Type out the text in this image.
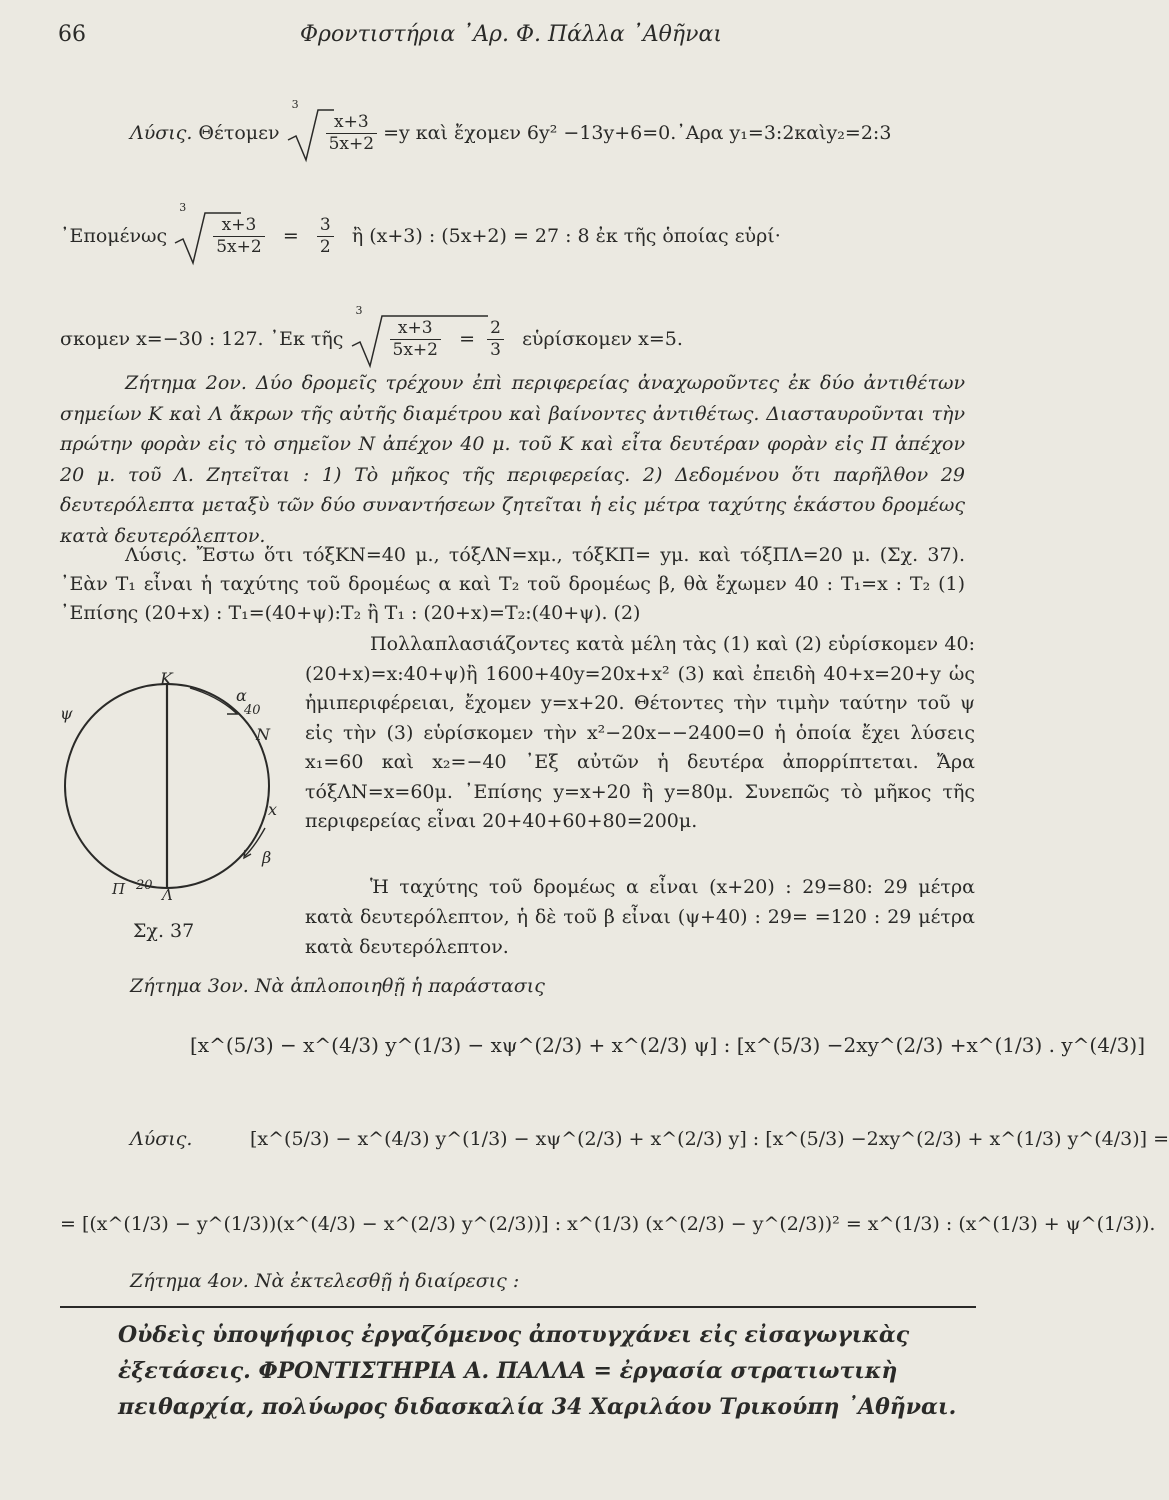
66	Φροντιστήρια ᾽Αρ. Φ. Πάλλα ᾽Αθῆναι
Λύσις. Θέτομεν
3
$\frac{x+3}{5x+2} =y$ καὶ ἔχομεν 6y² −13y+6=0.᾽Αρα y₁=3:2καὶy₂=2:3
᾽Επομένως
3
$\frac{x+3}{5x+2} = \frac{3}{2}$ ἢ (x+3) : (5x+2) = 27 : 8 ἐκ τῆς ὁποίας εὑρί·
σκομεν x=−30 : 127. ᾽Εκ τῆς
3
$\frac{x+3}{5x+2} = \frac{2}{3}$ εὑρίσκομεν x=5.
Ζήτημα 2ον. Δύο δρομεῖς τρέχουν ἐπὶ περιφερείας ἀναχωροῦντες ἐκ δύο ἀντιθέτων σημείων Κ καὶ Λ ἄκρων τῆς αὐτῆς διαμέτρου καὶ βαίνοντες ἀντιθέτως. Διασταυροῦνται τὴν πρώτην φορὰν εἰς τὸ σημεῖον Ν ἀπέχον 40 μ. τοῦ Κ καὶ εἶτα δευτέραν φορὰν εἰς Π ἀπέχον 20 μ. τοῦ Λ. Ζητεῖται : 1) Τὸ μῆκος τῆς περιφερείας. 2) Δεδομένου ὅτι παρῆλθον 29 δευτερόλεπτα μεταξὺ τῶν δύο συναντήσεων ζητεῖται ἡ εἰς μέτρα ταχύτης ἑκάστου δρομέως κατὰ δευτερόλεπτον.
Λύσις. Ἔστω ὅτι τόξΚΝ=40 μ., τόξΛΝ=xμ., τόξΚΠ= yμ. καὶ τόξΠΛ=20 μ. (Σχ. 37). ᾽Εὰν Τ₁ εἶναι ἡ ταχύτης τοῦ δρομέως α καὶ Τ₂ τοῦ δρομέως β, θὰ ἔχωμεν 40 : Τ₁=x : Τ₂ (1) ᾽Επίσης (20+x) : Τ₁=(40+ψ):Τ₂ ἢ Τ₁ : (20+x)=Τ₂:(40+ψ). (2)
Πολλαπλασιάζοντες κατὰ μέλη τὰς (1) καὶ (2) εὑρίσκομεν 40:(20+x)=x:40+ψ)ἢ 1600+40y=20x+x² (3) καὶ ἐπειδὴ 40+x=20+y ὡς ἡμιπεριφέρειαι, ἔχομεν y=x+20. Θέτοντες τὴν τιμὴν ταύτην τοῦ ψ εἰς τὴν (3) εὑρίσκομεν τὴν x²−20x−−2400=0 ἡ ὁποία ἔχει λύσεις x₁=60 καὶ x₂=−40 ᾽Εξ αὐτῶν ἡ δευτέρα ἀπορρίπτεται. Ἄρα τόξΛΝ=x=60μ. ᾽Επίσης y=x+20 ἢ y=80μ. Συνεπῶς τὸ μῆκος τῆς περιφερείας εἶναι 20+40+60+80=200μ.
Ἡ ταχύτης τοῦ δρομέως α εἶναι (x+20) : 29=80: 29 μέτρα κατὰ δευτερόλεπτον, ἡ δὲ τοῦ β εἶναι (ψ+40) : 29= =120 : 29 μέτρα κατὰ δευτερόλεπτον.
Κ
α
ψ	40
Ν
x
β
Π 20
Λ
Σχ. 37
Ζήτημα 3ον. Νὰ ἁπλοποιηθῇ ἡ παράστασις
[x^(5/3) − x^(4/3) y^(1/3) − xψ^(2/3) + x^(2/3) ψ] : [x^(5/3) −2xy^(2/3) +x^(1/3) . y^(4/3)]
Λύσις.	[x^(5/3) − x^(4/3) y^(1/3) − xψ^(2/3) + x^(2/3) y] : [x^(5/3) −2xy^(2/3) + x^(1/3) y^(4/3)] =
= [(x^(1/3) − y^(1/3))(x^(4/3) − x^(2/3) y^(2/3))] : x^(1/3) (x^(2/3) − y^(2/3))² = x^(1/3) : (x^(1/3) + ψ^(1/3)).
Ζήτημα 4ον. Νὰ ἐκτελεσθῇ ἡ διαίρεσις :
Οὐδεὶς ὑποψήφιος ἐργαζόμενος ἀποτυγχάνει εἰς εἰσαγωγικὰς ἐξετάσεις. ΦΡΟΝΤΙΣΤΗΡΙΑ Α. ΠΑΛΛΑ = ἐργασία στρατιωτικὴ πειθαρχία, πολύωρος διδασκαλία 34 Χαριλάου Τρικούπη ᾽Αθῆναι.
